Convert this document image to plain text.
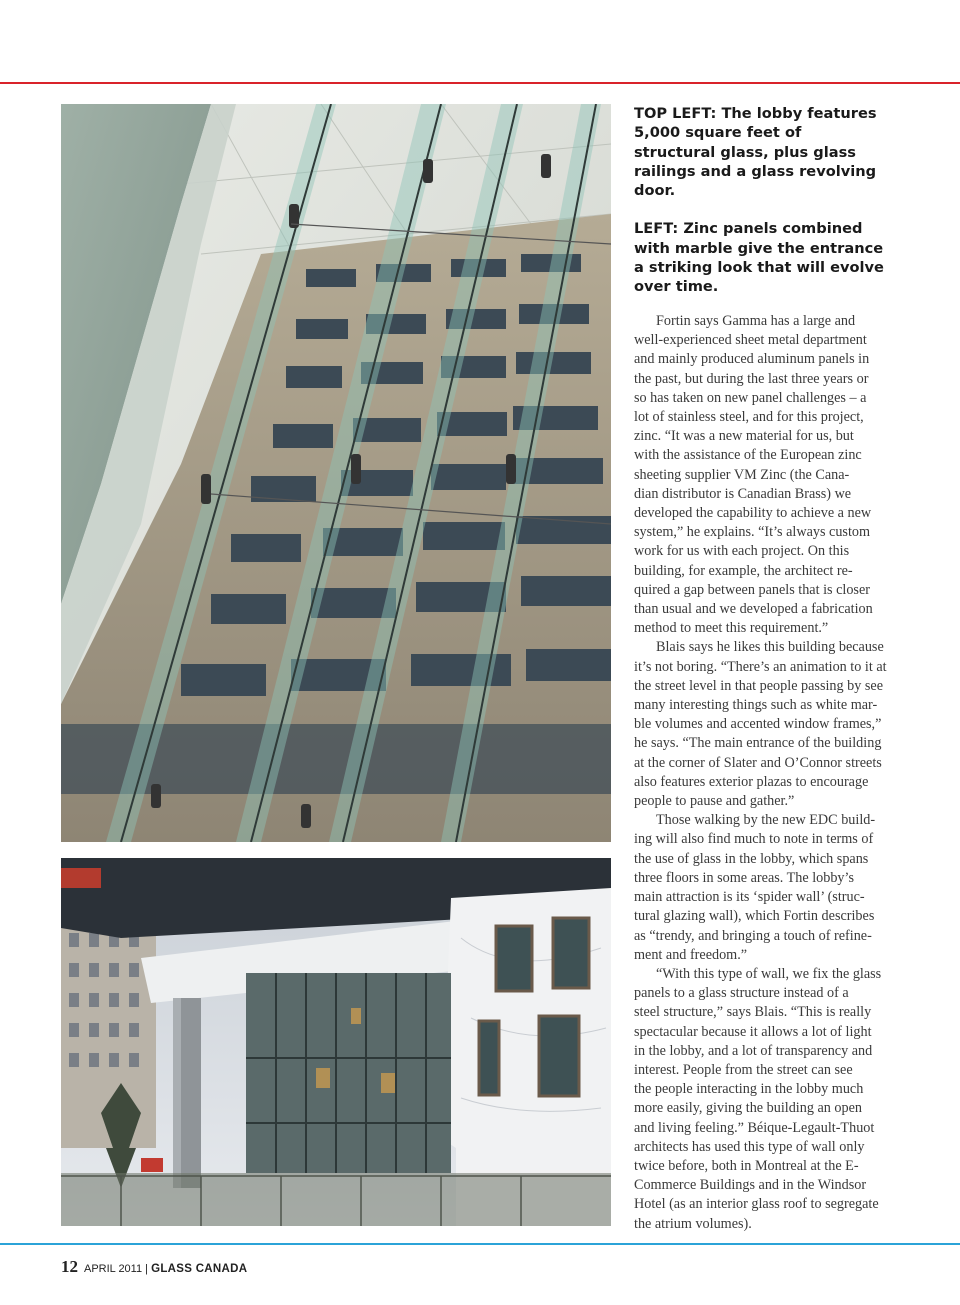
TOP LEFT: The lobby features 5,000 square feet of structural glass, plus glass railings and a glass revolving door.

LEFT: Zinc panels combined with marble give the entrance a striking look that will evolve over time.

Fortin says Gamma has a large and
well-experienced sheet metal department
and mainly produced aluminum panels in
the past, but during the last three years or
so has taken on new panel challenges – a
lot of stainless steel, and for this project,
zinc. “It was a new material for us, but
with the assistance of the European zinc
sheeting supplier VM Zinc (the Cana-
dian distributor is Canadian Brass) we
developed the capability to achieve a new
system,” he explains. “It’s always custom
work for us with each project. On this
building, for example, the architect re-
quired a gap between panels that is closer
than usual and we developed a fabrication
method to meet this requirement.”
Blais says he likes this building because
it’s not boring. “There’s an animation to it at
the street level in that people passing by see
many interesting things such as white mar-
ble volumes and accented window frames,”
he says. “The main entrance of the building
at the corner of Slater and O’Connor streets
also features exterior plazas to encourage
people to pause and gather.”
Those walking by the new EDC build-
ing will also find much to note in terms of
the use of glass in the lobby, which spans
three floors in some areas. The lobby’s
main attraction is its ‘spider wall’ (struc-
tural glazing wall), which Fortin describes
as “trendy, and bringing a touch of refine-
ment and freedom.”
“With this type of wall, we fix the glass
panels to a glass structure instead of a
steel structure,” says Blais. “This is really
spectacular because it allows a lot of light
in the lobby, and a lot of transparency and
interest. People from the street can see
the people interacting in the lobby much
more easily, giving the building an open
and living feeling.” Béique-Legault-Thuot
architects has used this type of wall only
twice before, both in Montreal at the E-
Commerce Buildings and in the Windsor
Hotel (as an interior glass roof to segregate
the atrium volumes).
12 APRIL 2011 | GLASS CANADA
